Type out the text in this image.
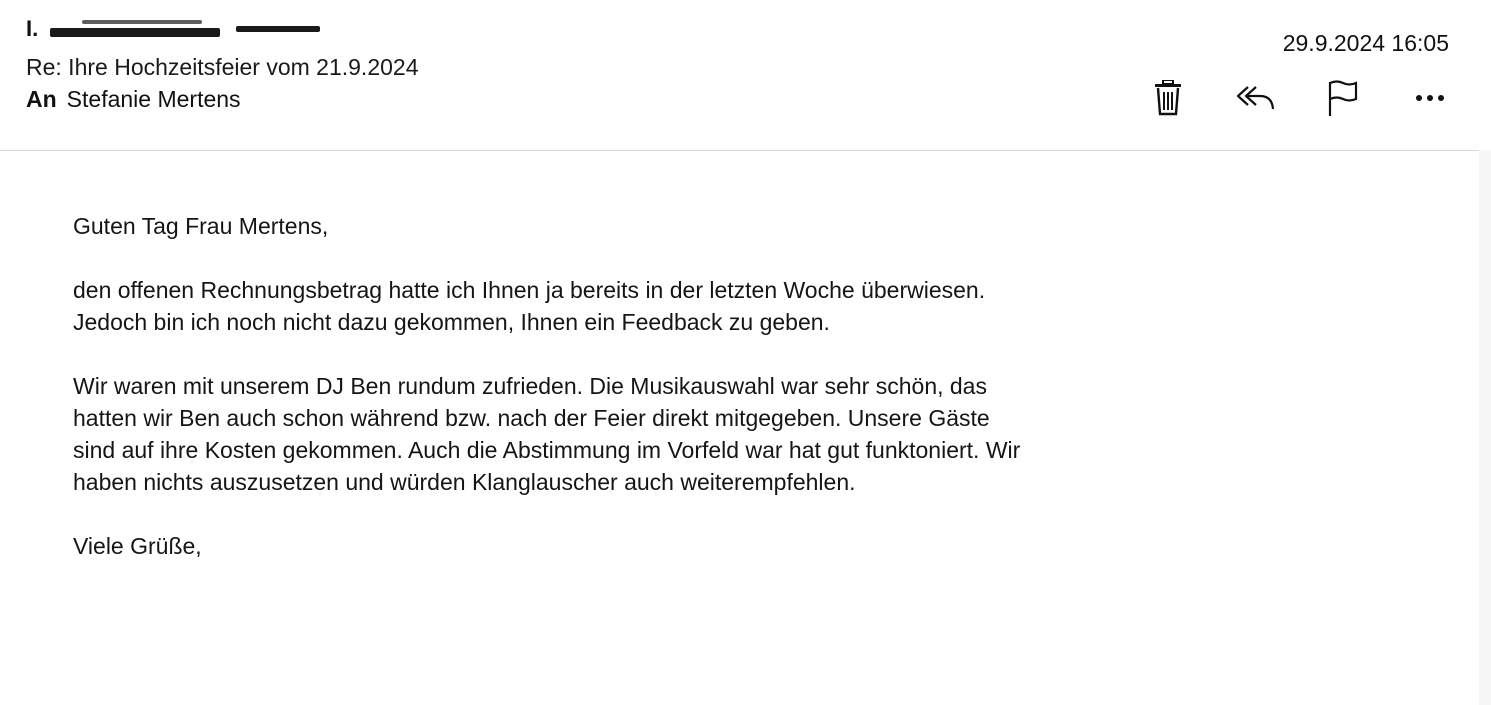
I.
Re: Ihre Hochzeitsfeier vom 21.9.2024
An Stefanie Mertens
29.9.2024 16:05

Guten Tag Frau Mertens,

den offenen Rechnungsbetrag hatte ich Ihnen ja bereits in der letzten Woche überwiesen. Jedoch bin ich noch nicht dazu gekommen, Ihnen ein Feedback zu geben.

Wir waren mit unserem DJ Ben rundum zufrieden. Die Musikauswahl war sehr schön, das hatten wir Ben auch schon während bzw. nach der Feier direkt mitgegeben. Unsere Gäste sind auf ihre Kosten gekommen. Auch die Abstimmung im Vorfeld war hat gut funktoniert. Wir haben nichts auszusetzen und würden Klanglauscher auch weiterempfehlen.

Viele Grüße,
